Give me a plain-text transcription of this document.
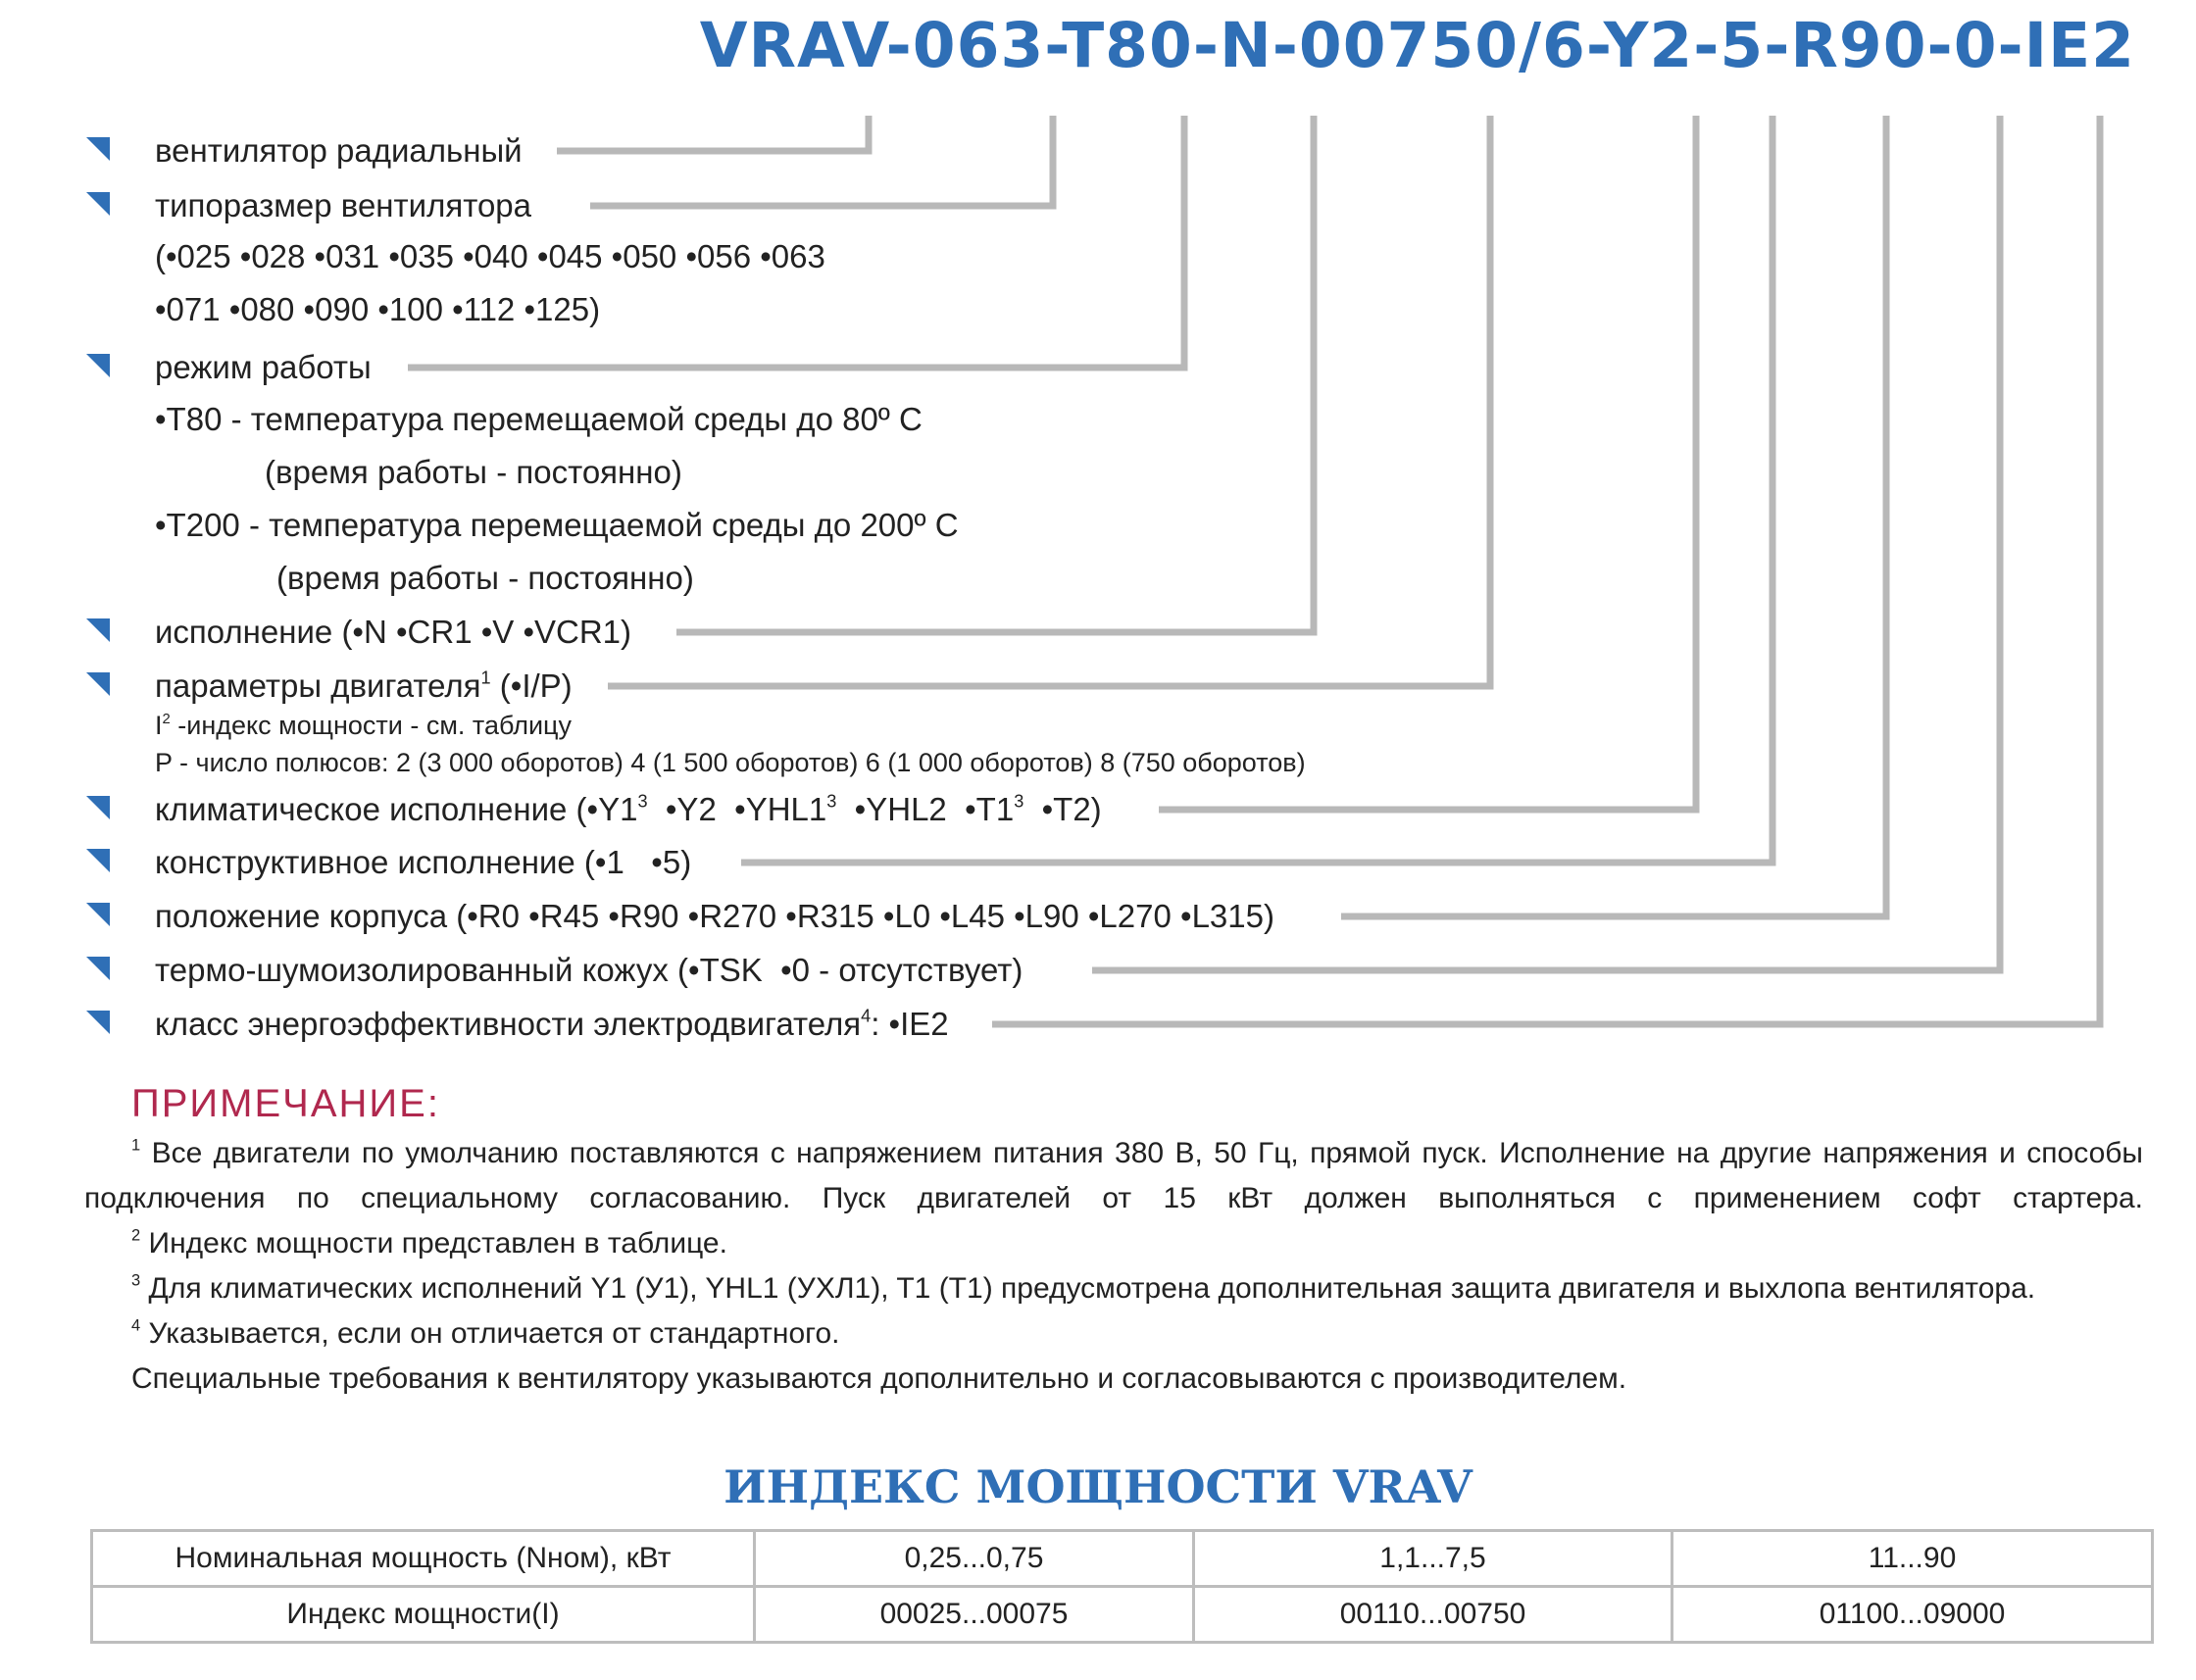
VRAV-063-T80-N-00750/6-Y2-5-R90-0-IE2
вентилятор радиальный
типоразмер вентилятора
(•025 •028 •031 •035 •040 •045 •050 •056 •063
•071 •080 •090 •100 •112 •125)
режим работы
•T80 - температура перемещаемой среды до 80º С
(время работы - постоянно)
•T200 - температура перемещаемой среды до 200º С
(время работы - постоянно)
исполнение (•N •CR1 •V •VCR1)
параметры двигателя$^1$ (•I/P)
$I^2$ -индекс мощности - см. таблицу
P - число полюсов: 2 (3 000 оборотов) 4 (1 500 оборотов) 6 (1 000 оборотов) 8 (750 оборотов)
климатическое исполнение ($•Y1^3$  •Y2  $•YHL1^3$  •YHL2  $•T1^3$  •T2)
конструктивное исполнение (•1   •5)
положение корпуса (•R0 •R45 •R90 •R270 •R315 •L0 •L45 •L90 •L270 •L315)
термо-шумоизолированный кожух (•TSK  •0 - отсутствует)
класс энергоэффективности электродвигателя$^4$: •IE2
ПРИМЕЧАНИЕ:

$^1$ Все двигатели по умолчанию поставляются с напряжением питания 380 В, 50 Гц, прямой пуск. Исполнение на другие напряжения и способы подключения по специальному согласованию. Пуск двигателей от 15 кВт должен выполняться с применением софт стартера.

$^2$ Индекс мощности представлен в таблице.

$^3$ Для климатических исполнений Y1 (У1), YHL1 (УХЛ1), T1 (T1) предусмотрена дополнительная защита двигателя и выхлопа вентилятора.

$^4$ Указывается, если он отличается от стандартного.

Специальные требования к вентилятору указываются дополнительно и согласовываются с производителем.

ИНДЕКС МОЩНОСТИ VRAV
Номинальная мощность (Nном), кВт	0,25...0,75	1,1...7,5	11...90
Индекс мощности(I)	00025...00075	00110...00750	01100...09000
